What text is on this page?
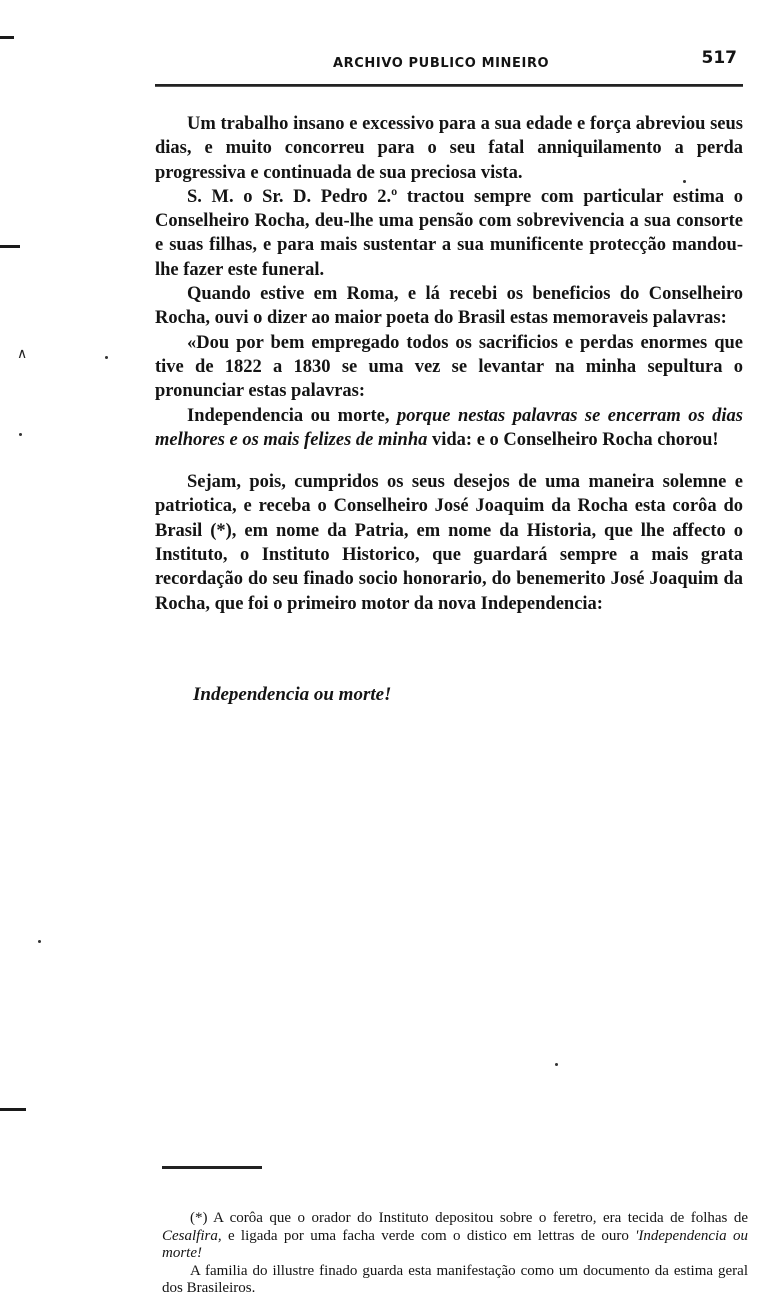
∧
ARCHIVO PUBLICO MINEIRO	517

Um trabalho insano e excessivo para a sua edade e força abreviou seus dias, e muito concorreu para o seu fatal anniquilamento a perda progressiva e continuada de sua preciosa vista.

S. M. o Sr. D. Pedro 2.º tractou sempre com particular estima o Conselheiro Rocha, deu-lhe uma pensão com sobrevivencia a sua consorte e suas filhas, e para mais sustentar a sua munificente protecção mandou-lhe fazer este funeral.

Quando estive em Roma, e lá recebi os beneficios do Conselheiro Rocha, ouvi o dizer ao maior poeta do Brasil estas memoraveis palavras:

«Dou por bem empregado todos os sacrificios e perdas enormes que tive de 1822 a 1830 se uma vez se levantar na minha sepultura o pronunciar estas palavras:

Independencia ou morte, porque nestas palavras se encerram os dias melhores e os mais felizes de minha vida: e o Conselheiro Rocha chorou!

Sejam, pois, cumpridos os seus desejos de uma maneira solemne e patriotica, e receba o Conselheiro José Joaquim da Rocha esta corôa do Brasil (*), em nome da Patria, em nome da Historia, que lhe affecto o Instituto, o Instituto Historico, que guardará sempre a mais grata recordação do seu finado socio honorario, do benemerito José Joaquim da Rocha, que foi o primeiro motor da nova Independencia:

Independencia ou morte!

(*) A corôa que o orador do Instituto depositou sobre o feretro, era tecida de folhas de Cesalfira, e ligada por uma facha verde com o distico em lettras de ouro 'Independencia ou morte!

A familia do illustre finado guarda esta manifestação como um documento da estima geral dos Brasileiros.
